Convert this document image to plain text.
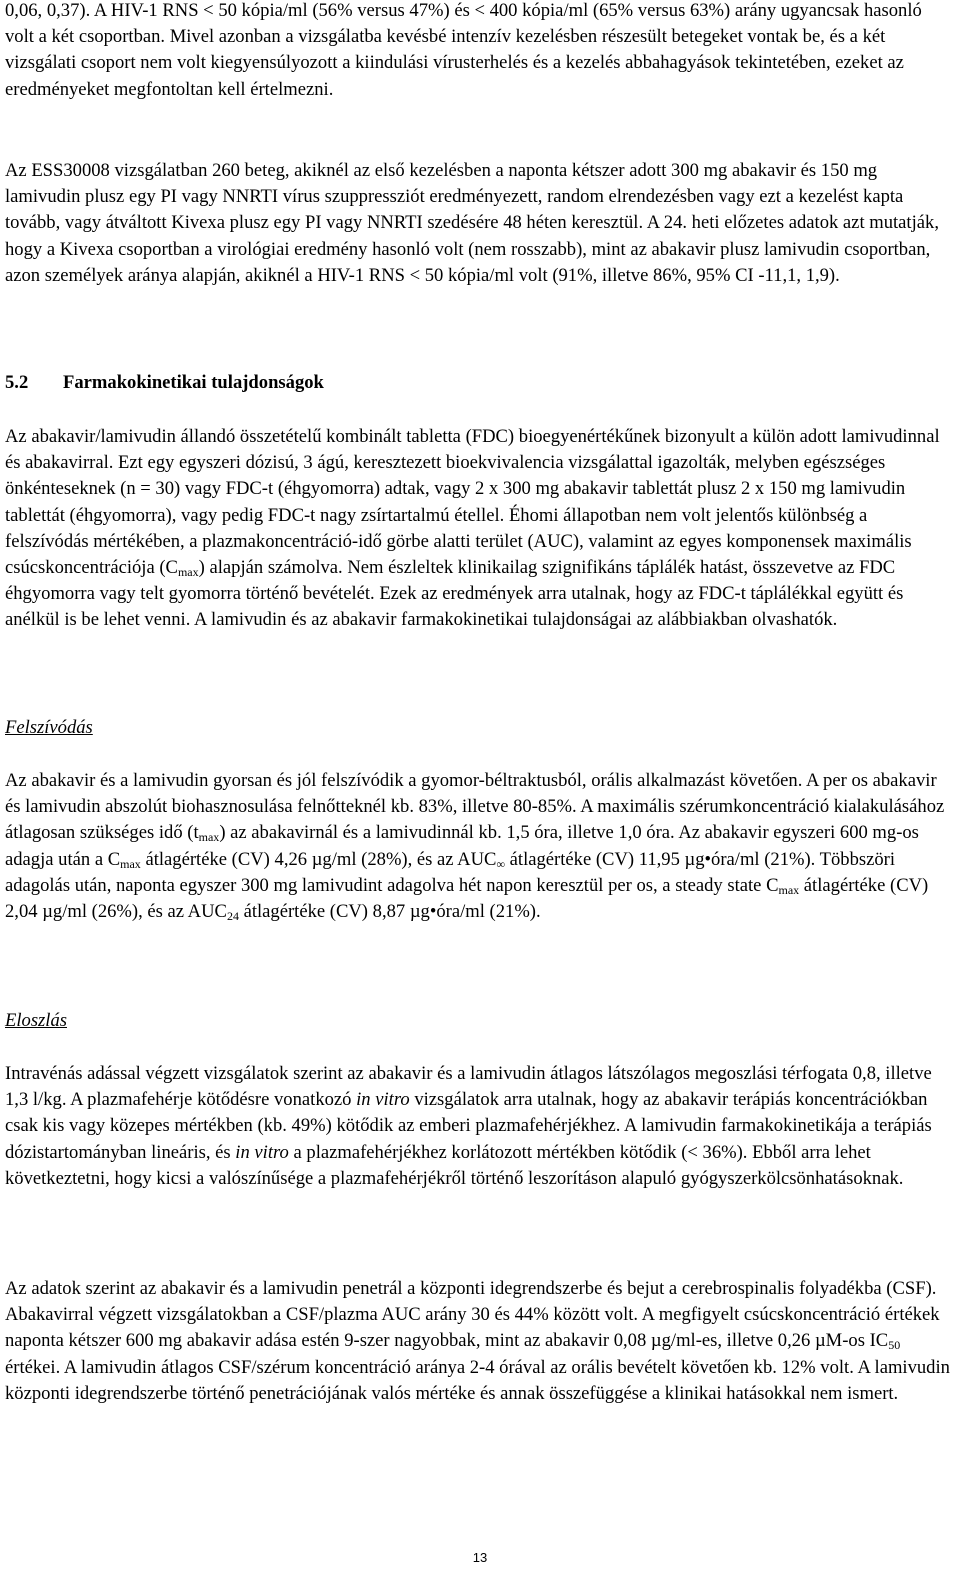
0,06, 0,37). A HIV-1 RNS < 50 kópia/ml (56% versus 47%) és < 400 kópia/ml (65% versus 63%) arány ugyancsak hasonló volt a két csoportban. Mivel azonban a vizsgálatba kevésbé intenzív kezelésben részesült betegeket vontak be, és a két vizsgálati csoport nem volt kiegyensúlyozott a kiindulási vírusterhelés és a kezelés abbahagyások tekintetében, ezeket az eredményeket megfontoltan kell értelmezni.

Az ESS30008 vizsgálatban 260 beteg, akiknél az első kezelésben a naponta kétszer adott 300 mg abakavir és 150 mg lamivudin plusz egy PI vagy NNRTI vírus szuppressziót eredményezett, random elrendezésben vagy ezt a kezelést kapta tovább, vagy átváltott Kivexa plusz egy PI vagy NNRTI szedésére 48 héten keresztül. A 24. heti előzetes adatok azt mutatják, hogy a Kivexa csoportban a virológiai eredmény hasonló volt (nem rosszabb), mint az abakavir plusz lamivudin csoportban, azon személyek aránya alapján, akiknél a HIV-1 RNS < 50 kópia/ml volt (91%, illetve 86%, 95% CI -11,1, 1,9).

5.2 Farmakokinetikai tulajdonságok

Az abakavir/lamivudin állandó összetételű kombinált tabletta (FDC) bioegyenértékűnek bizonyult a külön adott lamivudinnal és abakavirral. Ezt egy egyszeri dózisú, 3 ágú, keresztezett bioekvivalencia vizsgálattal igazolták, melyben egészséges önkénteseknek (n = 30) vagy FDC-t (éhgyomorra) adtak, vagy 2 x 300 mg abakavir tablettát plusz 2 x 150 mg lamivudin tablettát (éhgyomorra), vagy pedig FDC-t nagy zsírtartalmú étellel. Éhomi állapotban nem volt jelentős különbség a felszívódás mértékében, a plazmakoncentráció-idő görbe alatti terület (AUC), valamint az egyes komponensek maximális csúcskoncentrációja $(C_{max})$ alapján számolva. Nem észleltek klinikailag szignifikáns táplálék hatást, összevetve az FDC éhgyomorra vagy telt gyomorra történő bevételét. Ezek az eredmények arra utalnak, hogy az FDC-t táplálékkal együtt és anélkül is be lehet venni. A lamivudin és az abakavir farmakokinetikai tulajdonságai az alábbiakban olvashatók.

Felszívódás

Az abakavir és a lamivudin gyorsan és jól felszívódik a gyomor-béltraktusból, orális alkalmazást követően. A per os abakavir és lamivudin abszolút biohasznosulása felnőtteknél kb. 83%, illetve 80-85%. A maximális szérumkoncentráció kialakulásához átlagosan szükséges idő $(t_{max})$ az abakavirnál és a lamivudinnál kb. 1,5 óra, illetve 1,0 óra. Az abakavir egyszeri 600 mg-os adagja után a $C_{max}$ átlagértéke (CV) 4,26 µg/ml (28%), és az $AUC_\infty$ átlagértéke (CV) 11,95 µg•óra/ml (21%). Többszöri adagolás után, naponta egyszer 300 mg lamivudint adagolva hét napon keresztül per os, a steady state $C_{max}$ átlagértéke (CV) 2,04 µg/ml (26%), és az $AUC_{24}$ átlagértéke (CV) 8,87 µg•óra/ml (21%).

Eloszlás

Intravénás adással végzett vizsgálatok szerint az abakavir és a lamivudin átlagos látszólagos megoszlási térfogata 0,8, illetve 1,3 l/kg. A plazmafehérje kötődésre vonatkozó in vitro vizsgálatok arra utalnak, hogy az abakavir terápiás koncentrációkban csak kis vagy közepes mértékben (kb. 49%) kötődik az emberi plazmafehérjékhez. A lamivudin farmakokinetikája a terápiás dózistartományban lineáris, és in vitro a plazmafehérjékhez korlátozott mértékben kötődik (< 36%). Ebből arra lehet következtetni, hogy kicsi a valószínűsége a plazmafehérjékről történő leszorításon alapuló gyógyszerkölcsönhatásoknak.

Az adatok szerint az abakavir és a lamivudin penetrál a központi idegrendszerbe és bejut a cerebrospinalis folyadékba (CSF). Abakavirral végzett vizsgálatokban a CSF/plazma AUC arány 30 és 44% között volt. A megfigyelt csúcskoncentráció értékek naponta kétszer 600 mg abakavir adása estén 9-szer nagyobbak, mint az abakavir 0,08 µg/ml-es, illetve 0,26 µM-os $IC_{50}$ értékei. A lamivudin átlagos CSF/szérum koncentráció aránya 2-4 órával az orális bevételt követően kb. 12% volt. A lamivudin központi idegrendszerbe történő penetrációjának valós mértéke és annak összefüggése a klinikai hatásokkal nem ismert.

13
